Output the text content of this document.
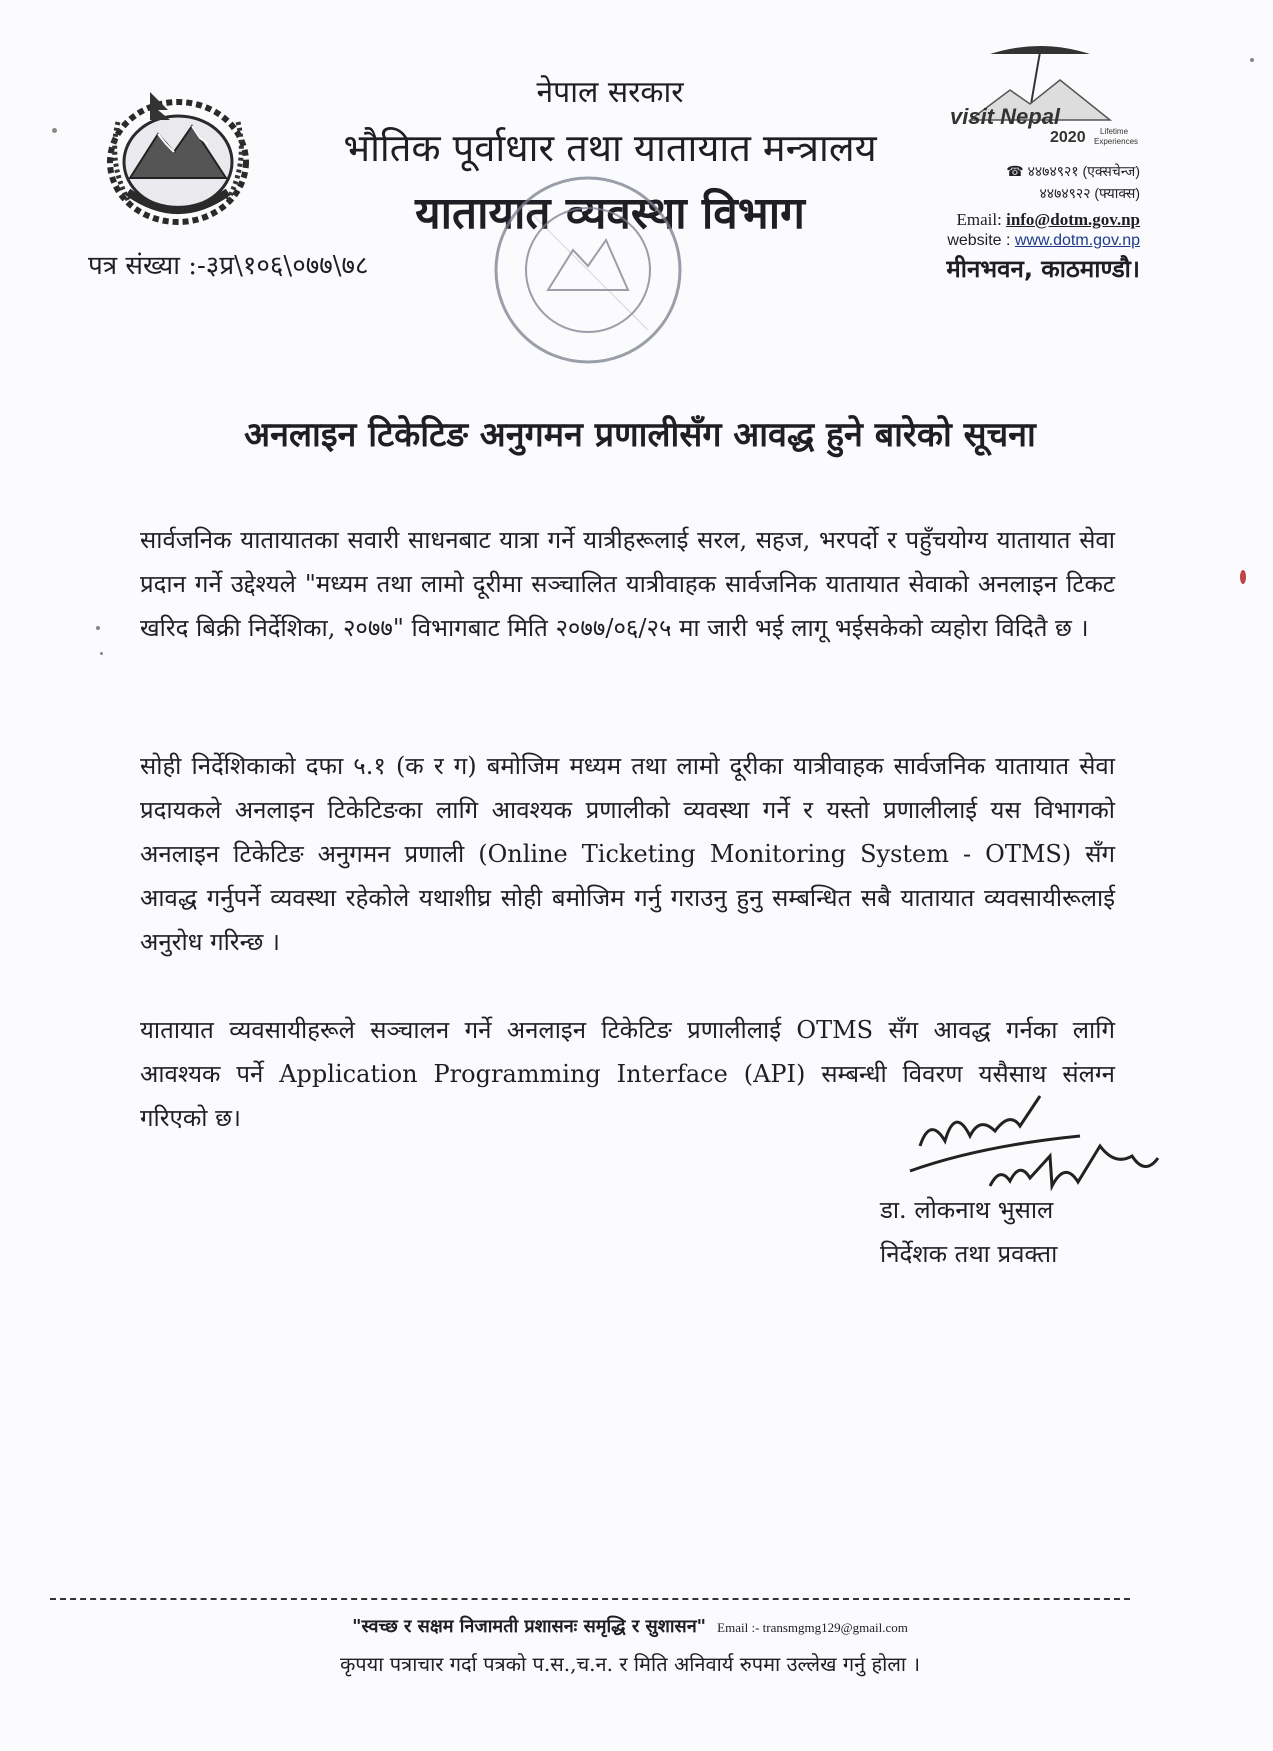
नेपाल सरकार
भौतिक पूर्वाधार तथा यातायात मन्त्रालय
यातायात व्यवस्था विभाग
पत्र संख्या :-३प्र\१०६\०७७\७८
visit Nepal
2020 Lifetime
Experiences
☎ ४४७४९२१ (एक्सचेन्ज)
४४७४९२२ (फ्याक्स)
Email: info@dotm.gov.np
website : www.dotm.gov.np
मीनभवन, काठमाण्डौ।
अनलाइन टिकेटिङ अनुगमन प्रणालीसँग आवद्ध हुने बारेको सूचना
सार्वजनिक यातायातका सवारी साधनबाट यात्रा गर्ने यात्रीहरूलाई सरल, सहज, भरपर्दो र पहुँचयोग्य यातायात सेवा प्रदान गर्ने उद्देश्यले "मध्यम तथा लामो दूरीमा सञ्चालित यात्रीवाहक सार्वजनिक यातायात सेवाको अनलाइन टिकट खरिद बिक्री निर्देशिका, २०७७" विभागबाट मिति २०७७/०६/२५ मा जारी भई लागू भईसकेको व्यहोरा विदितै छ ।
सोही निर्देशिकाको दफा ५.१ (क र ग) बमोजिम मध्यम तथा लामो दूरीका यात्रीवाहक सार्वजनिक यातायात सेवा प्रदायकले अनलाइन टिकेटिङका लागि आवश्यक प्रणालीको व्यवस्था गर्ने र यस्तो प्रणालीलाई यस विभागको अनलाइन टिकेटिङ अनुगमन प्रणाली (Online Ticketing Monitoring System - OTMS) सँग आवद्ध गर्नुपर्ने व्यवस्था रहेकोले यथाशीघ्र सोही बमोजिम गर्नु गराउनु हुनु सम्बन्धित सबै यातायात व्यवसायीरूलाई अनुरोध गरिन्छ ।
यातायात व्यवसायीहरूले सञ्चालन गर्ने अनलाइन टिकेटिङ प्रणालीलाई OTMS सँग आवद्ध गर्नका लागि आवश्यक पर्ने Application Programming Interface (API) सम्बन्धी विवरण यसैसाथ संलग्न गरिएको छ।
डा. लोकनाथ भुसाल
निर्देशक तथा प्रवक्ता
"स्वच्छ र सक्षम निजामती प्रशासनः समृद्धि र सुशासन" Email :- transmgmg129@gmail.com
कृपया पत्राचार गर्दा पत्रको प.स.,च.न. र मिति अनिवार्य रुपमा उल्लेख गर्नु होला ।
